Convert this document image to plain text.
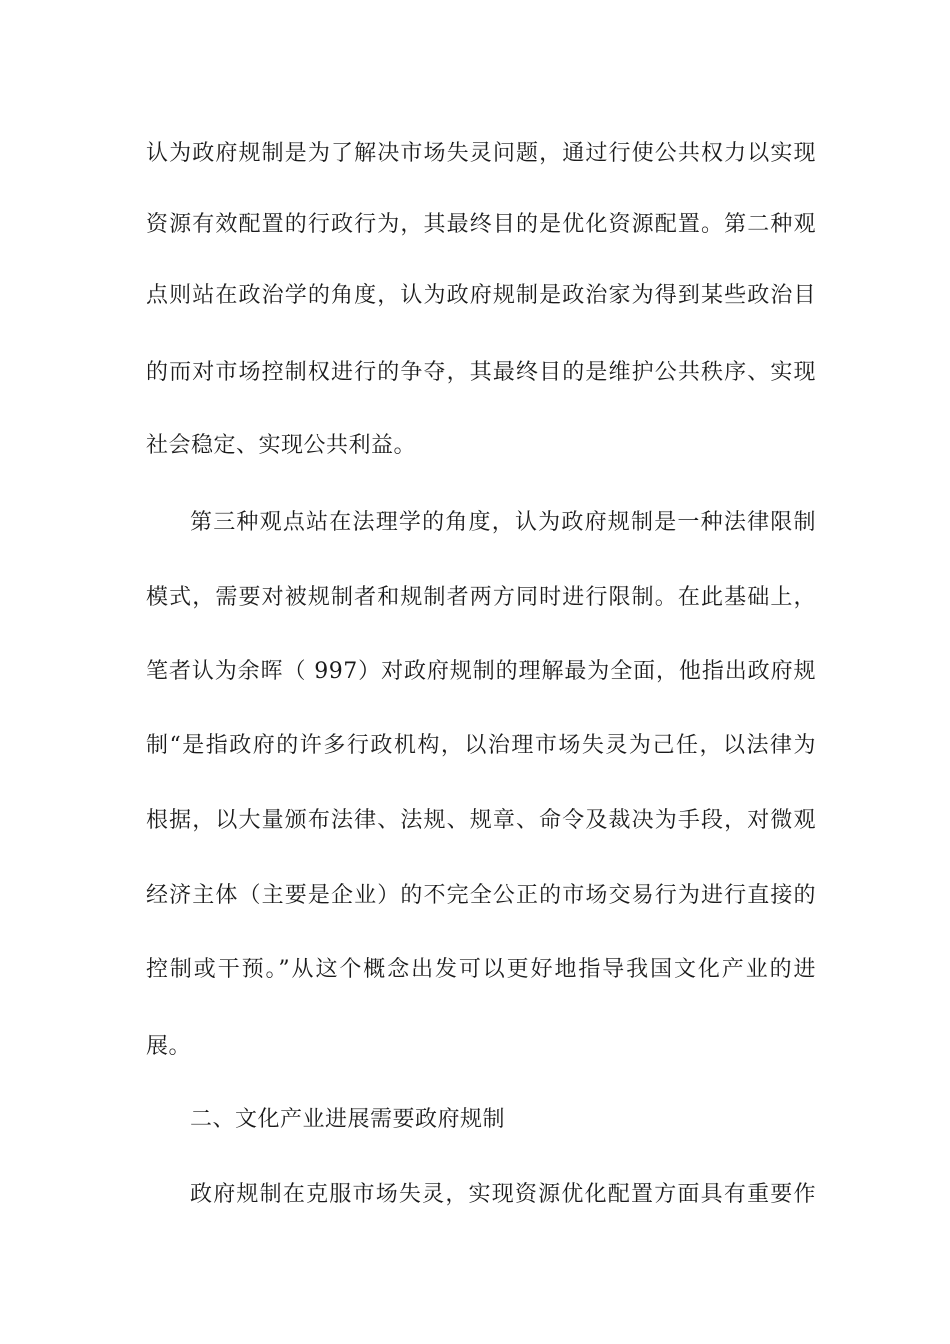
认为政府规制是为了解决市场失灵问题，通过行使公共权力以实现
资源有效配置的行政行为，其最终目的是优化资源配置。第二种观
点则站在政治学的角度，认为政府规制是政治家为得到某些政治目
的而对市场控制权进行的争夺，其最终目的是维护公共秩序、实现
社会稳定、实现公共利益。
第三种观点站在法理学的角度，认为政府规制是一种法律限制
模式，需要对被规制者和规制者两方同时进行限制。在此基础上，
笔者认为余晖（ 997）对政府规制的理解最为全面，他指出政府规
制“是指政府的许多行政机构，以治理市场失灵为己任，以法律为
根据，以大量颁布法律、法规、规章、命令及裁决为手段，对微观
经济主体（主要是企业）的不完全公正的市场交易行为进行直接的
控制或干预。”从这个概念出发可以更好地指导我国文化产业的进
展。
二、文化产业进展需要政府规制
政府规制在克服市场失灵，实现资源优化配置方面具有重要作
